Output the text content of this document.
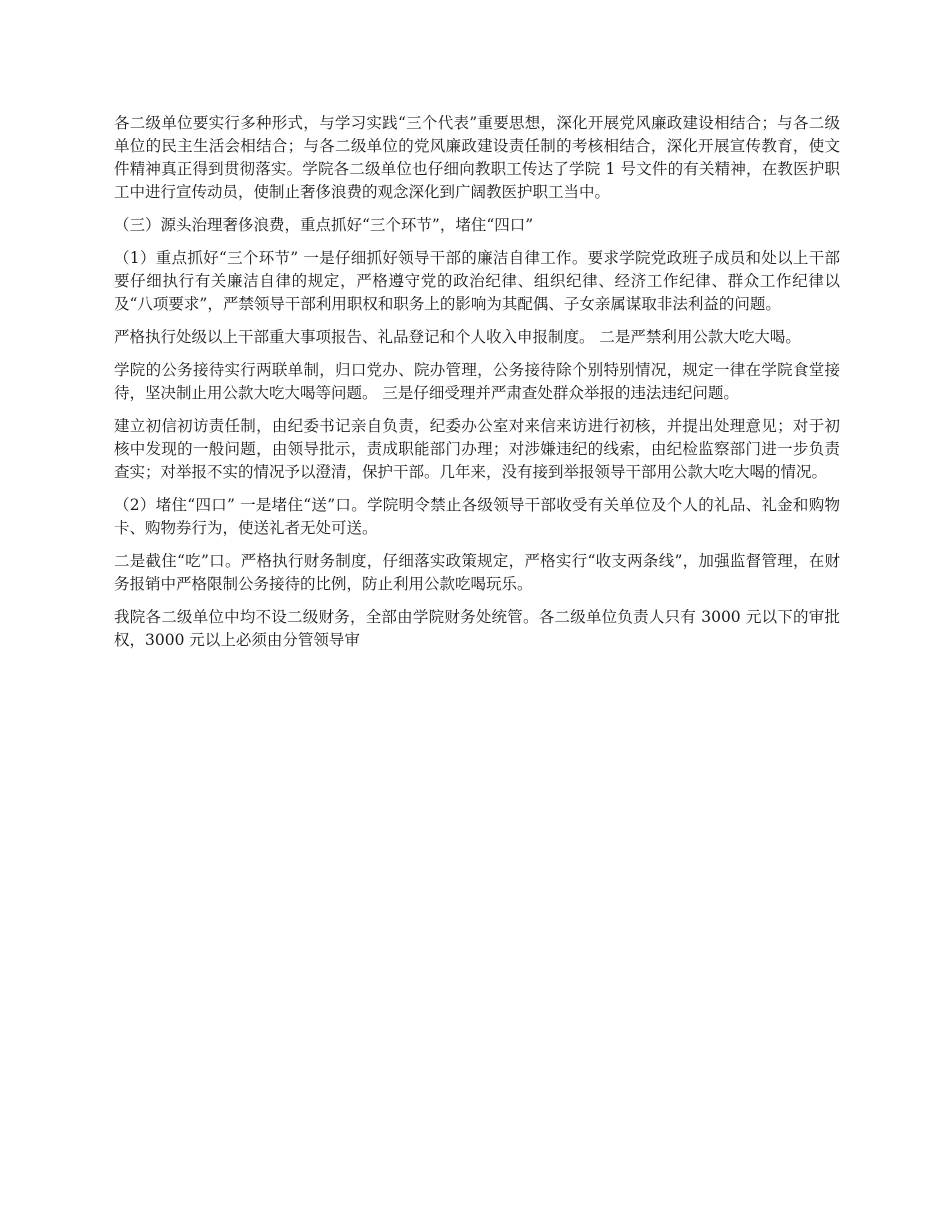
各二级单位要实行多种形式，与学习实践“三个代表”重要思想，深化开展党风廉政建设相结合；与各二级单位的民主生活会相结合；与各二级单位的党风廉政建设责任制的考核相结合，深化开展宣传教育，使文件精神真正得到贯彻落实。学院各二级单位也仔细向教职工传达了学院 1 号文件的有关精神，在教医护职工中进行宣传动员，使制止奢侈浪费的观念深化到广阔教医护职工当中。

（三）源头治理奢侈浪费，重点抓好“三个环节”，堵住“四口”

（1）重点抓好“三个环节” 一是仔细抓好领导干部的廉洁自律工作。要求学院党政班子成员和处以上干部要仔细执行有关廉洁自律的规定，严格遵守党的政治纪律、组织纪律、经济工作纪律、群众工作纪律以及“八项要求”，严禁领导干部利用职权和职务上的影响为其配偶、子女亲属谋取非法利益的问题。

严格执行处级以上干部重大事项报告、礼品登记和个人收入申报制度。 二是严禁利用公款大吃大喝。

学院的公务接待实行两联单制，归口党办、院办管理，公务接待除个别特别情况，规定一律在学院食堂接待，坚决制止用公款大吃大喝等问题。 三是仔细受理并严肃查处群众举报的违法违纪问题。

建立初信初访责任制，由纪委书记亲自负责，纪委办公室对来信来访进行初核，并提出处理意见；对于初核中发现的一般问题，由领导批示，责成职能部门办理；对涉嫌违纪的线索，由纪检监察部门进一步负责查实；对举报不实的情况予以澄清，保护干部。几年来，没有接到举报领导干部用公款大吃大喝的情况。

（2）堵住“四口” 一是堵住“送”口。学院明令禁止各级领导干部收受有关单位及个人的礼品、礼金和购物卡、购物券行为，使送礼者无处可送。

二是截住“吃”口。严格执行财务制度，仔细落实政策规定，严格实行“收支两条线”，加强监督管理，在财务报销中严格限制公务接待的比例，防止利用公款吃喝玩乐。

我院各二级单位中均不设二级财务，全部由学院财务处统管。各二级单位负责人只有 3000 元以下的审批权，3000 元以上必须由分管领导审
